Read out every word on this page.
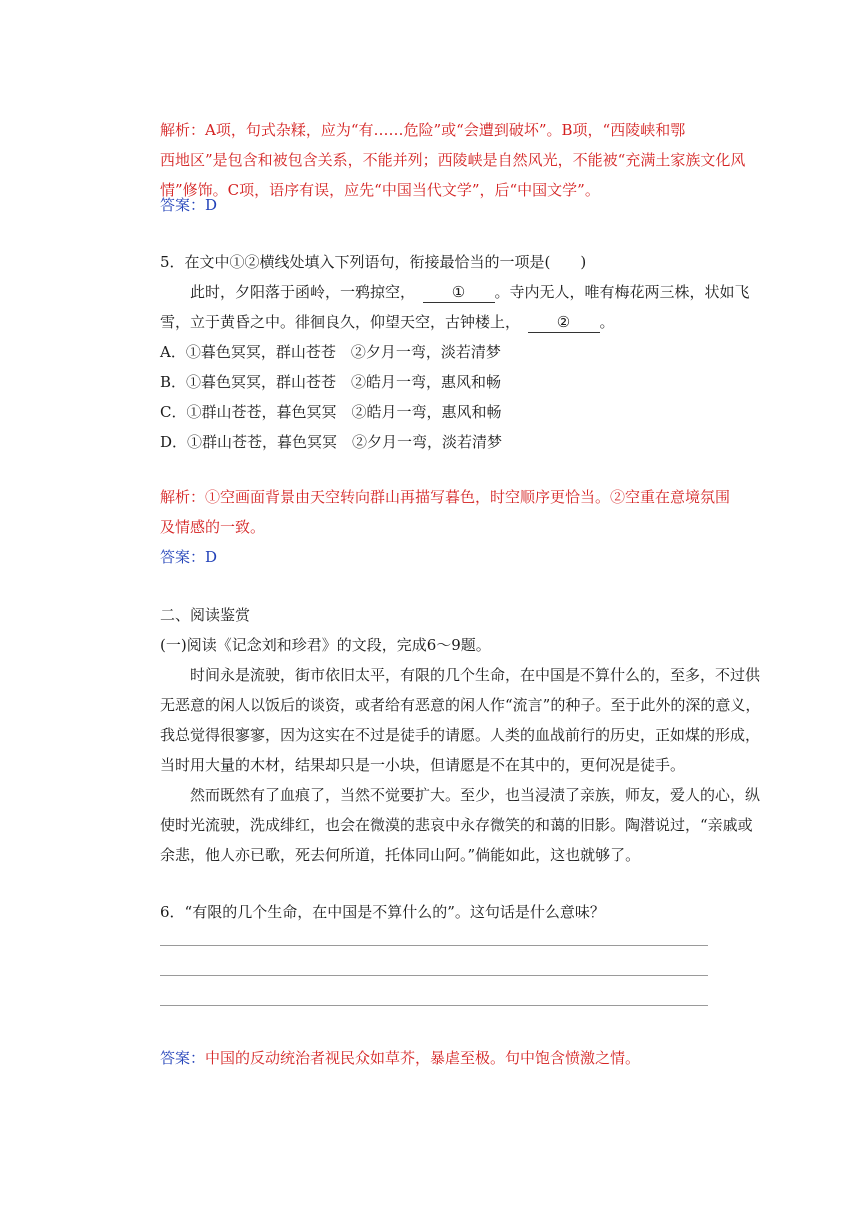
解析：A项，句式杂糅，应为“有……危险”或“会遭到破坏”。B项，“西陵峡和鄂
西地区”是包含和被包含关系，不能并列；西陵峡是自然风光，不能被“充满土家族文化风
情”修饰。C项，语序有误，应先“中国当代文学”，后“中国文学”。
答案：D
5．在文中①②横线处填入下列语句，衔接最恰当的一项是(　　)
此时，夕阳落于函岭，一鸦掠空，　	① 。寺内无人，唯有梅花两三株，状如飞
雪，立于黄昏之中。徘徊良久，仰望天空，古钟楼上，　	② 。
A．①暮色冥冥，群山苍苍　②夕月一弯，淡若清梦
B．①暮色冥冥，群山苍苍　②皓月一弯，惠风和畅
C．①群山苍苍，暮色冥冥　②皓月一弯，惠风和畅
D．①群山苍苍，暮色冥冥　②夕月一弯，淡若清梦
解析：①空画面背景由天空转向群山再描写暮色，时空顺序更恰当。②空重在意境氛围
及情感的一致。
答案：D
二、阅读鉴赏
(一)阅读《记念刘和珍君》的文段，完成6～9题。
时间永是流驶，街市依旧太平，有限的几个生命，在中国是不算什么的，至多，不过供
无恶意的闲人以饭后的谈资，或者给有恶意的闲人作“流言”的种子。至于此外的深的意义，
我总觉得很寥寥，因为这实在不过是徒手的请愿。人类的血战前行的历史，正如煤的形成，
当时用大量的木材，结果却只是一小块，但请愿是不在其中的，更何况是徒手。
然而既然有了血痕了，当然不觉要扩大。至少，也当浸渍了亲族，师友，爱人的心，纵
使时光流驶，洗成绯红，也会在微漠的悲哀中永存微笑的和蔼的旧影。陶潜说过，“亲戚或
余悲，他人亦已歌，死去何所道，托体同山阿。”倘能如此，这也就够了。
6．“有限的几个生命，在中国是不算什么的”。这句话是什么意味？
答案：中国的反动统治者视民众如草芥，暴虐至极。句中饱含愤激之情。
